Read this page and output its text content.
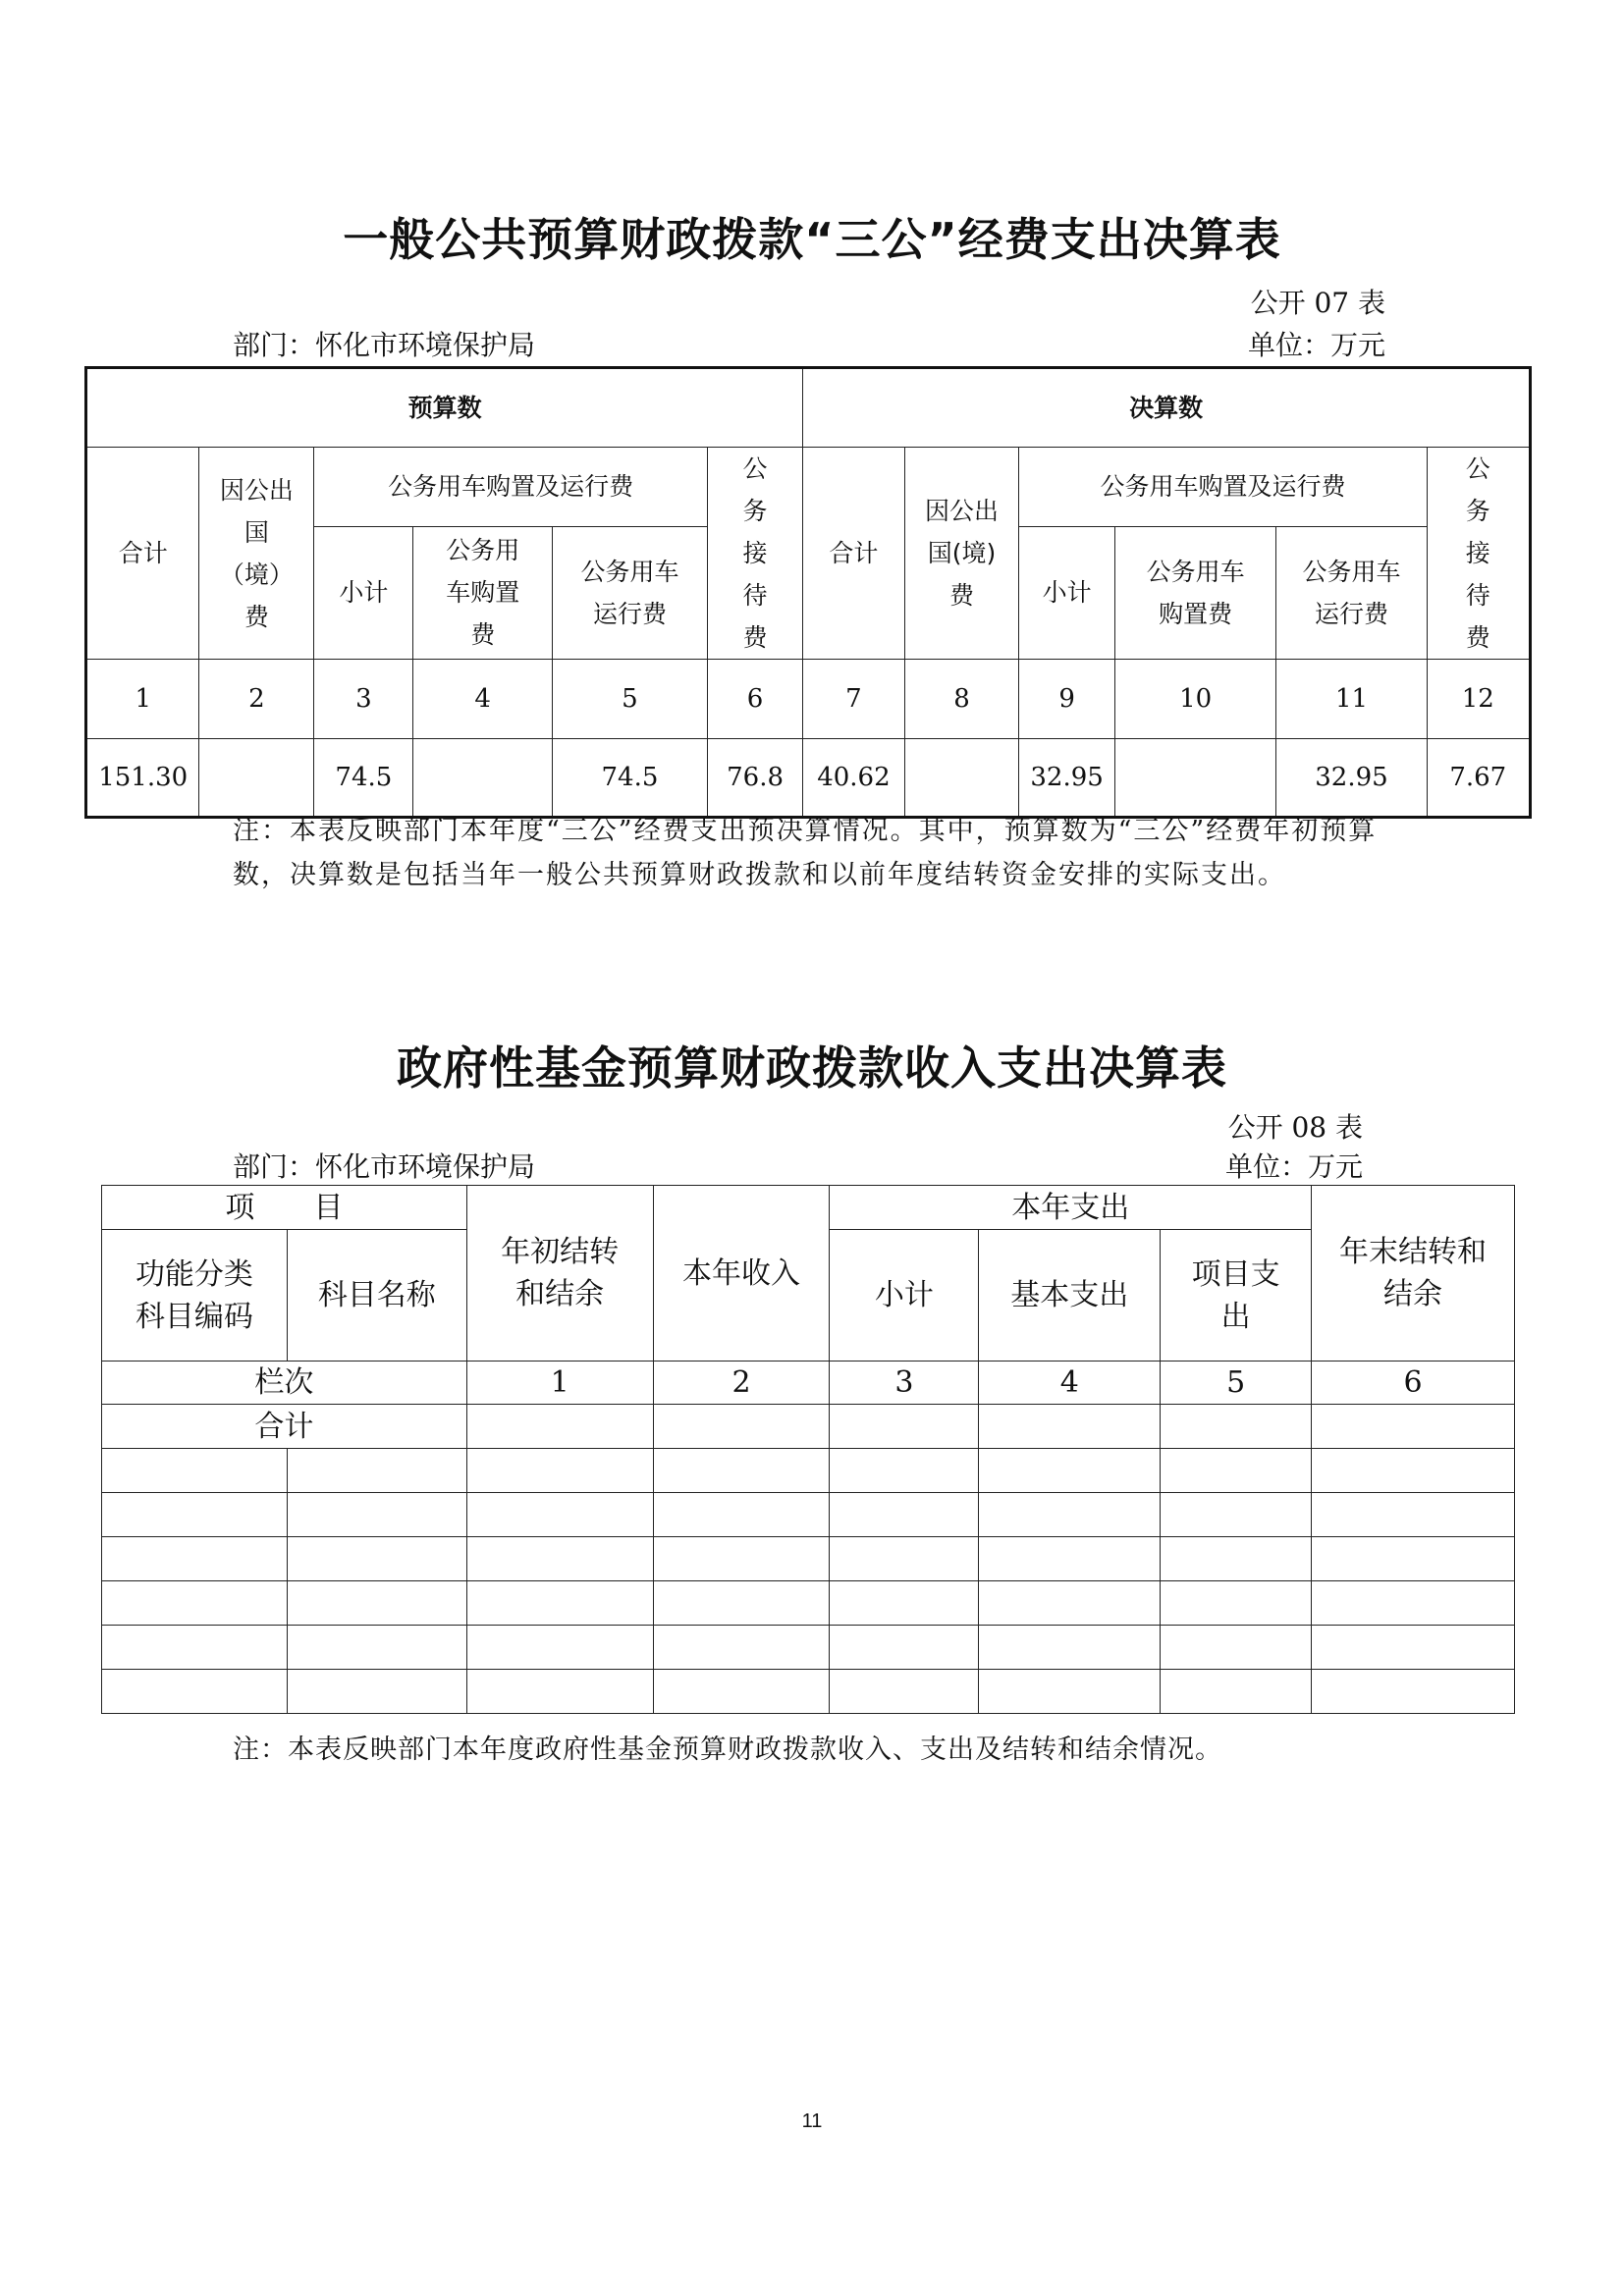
一般公共预算财政拨款“三公”经费支出决算表
公开 07 表
部门：怀化市环境保护局	单位：万元
预算数						决算数					
合计	因公出国（境）费	公务用车购置及运行费			公务接待费	合计	因公出国(境)费	公务用车购置及运行费			公务接待费
		小计	公务用车购置费	公务用车运行费				小计	公务用车购置费	公务用车运行费	
1	2	3	4	5	6	7	8	9	10	11	12
151.30		74.5		74.5	76.8	40.62		32.95		32.95	7.67
注：本表反映部门本年度“三公”经费支出预决算情况。其中，预算数为“三公”经费年初预算数，决算数是包括当年一般公共预算财政拨款和以前年度结转资金安排的实际支出。
政府性基金预算财政拨款收入支出决算表
公开 08 表
部门：怀化市环境保护局	单位：万元
项　　目		年初结转和结余	本年收入	本年支出			年末结转和结余
功能分类科目编码	科目名称			小计	基本支出	项目支出	
栏次		1	2	3	4	5	6
合计							

注：本表反映部门本年度政府性基金预算财政拨款收入、支出及结转和结余情况。
11
